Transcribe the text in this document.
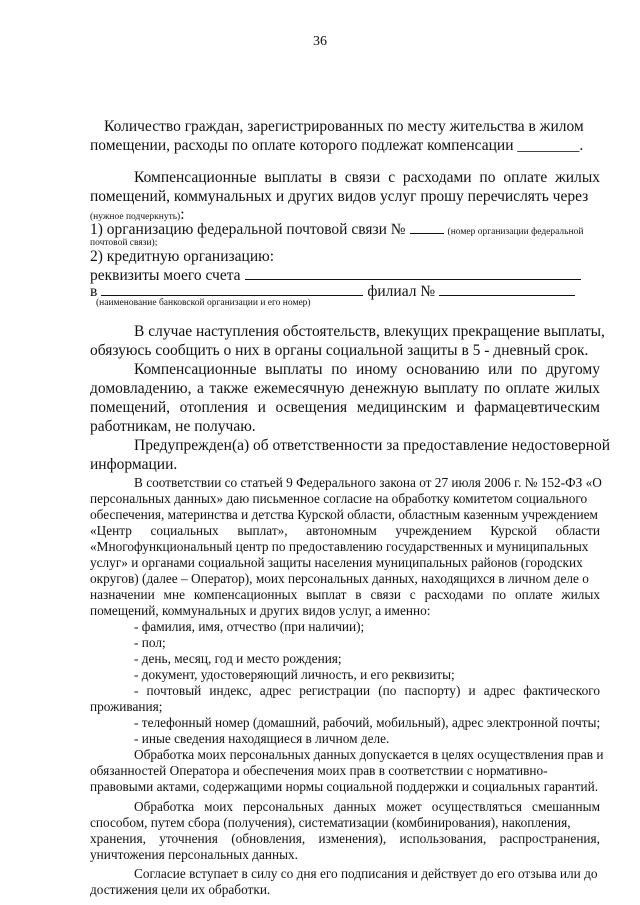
36
Количество граждан, зарегистрированных по месту жительства в жилом
помещении, расходы по оплате которого подлежат компенсации ________.
Компенсационные выплаты в связи с расходами по оплате жилых
помещений, коммунальных и других видов услуг прошу перечислять через
(нужное подчеркнуть):
1) организацию федеральной почтовой связи №	(номер организации федеральной
почтовой связи);
2) кредитную организацию:
реквизиты моего счета
в	филиал №
(наименование банковской организации и его номер)
В случае наступления обстоятельств, влекущих прекращение выплаты,
обязуюсь сообщить о них в органы социальной защиты в 5 - дневный срок.
Компенсационные выплаты по иному основанию или по другому
домовладению, а также ежемесячную денежную выплату по оплате жилых
помещений, отопления и освещения медицинским и фармацевтическим
работникам, не получаю.
Предупрежден(а) об ответственности за предоставление недостоверной
информации.
В соответствии со статьей 9 Федерального закона от 27 июля 2006 г. № 152-ФЗ «О
персональных данных» даю письменное согласие на обработку комитетом социального
обеспечения, материнства и детства Курской области, областным казенным учреждением
«Центр социальных выплат», автономным учреждением Курской области
«Многофункциональный центр по предоставлению государственных и муниципальных
услуг» и органами социальной защиты населения муниципальных районов (городских
округов) (далее – Оператор), моих персональных данных, находящихся в личном деле о
назначении мне компенсационных выплат в связи с расходами по оплате жилых
помещений, коммунальных и других видов услуг, а именно:
- фамилия, имя, отчество (при наличии);
- пол;
- день, месяц, год и место рождения;
- документ, удостоверяющий личность, и его реквизиты;
- почтовый индекс, адрес регистрации (по паспорту) и адрес фактического
проживания;
- телефонный номер (домашний, рабочий, мобильный), адрес электронной почты;
- иные сведения находящиеся в личном деле.
Обработка моих персональных данных допускается в целях осуществления прав и
обязанностей Оператора и обеспечения моих прав в соответствии с нормативно-
правовыми актами, содержащими нормы социальной поддержки и социальных гарантий.
Обработка моих персональных данных может осуществляться смешанным
способом, путем сбора (получения), систематизации (комбинирования), накопления,
хранения, уточнения (обновления, изменения), использования, распространения,
уничтожения персональных данных.
Согласие вступает в силу со дня его подписания и действует до его отзыва или до
достижения цели их обработки.
